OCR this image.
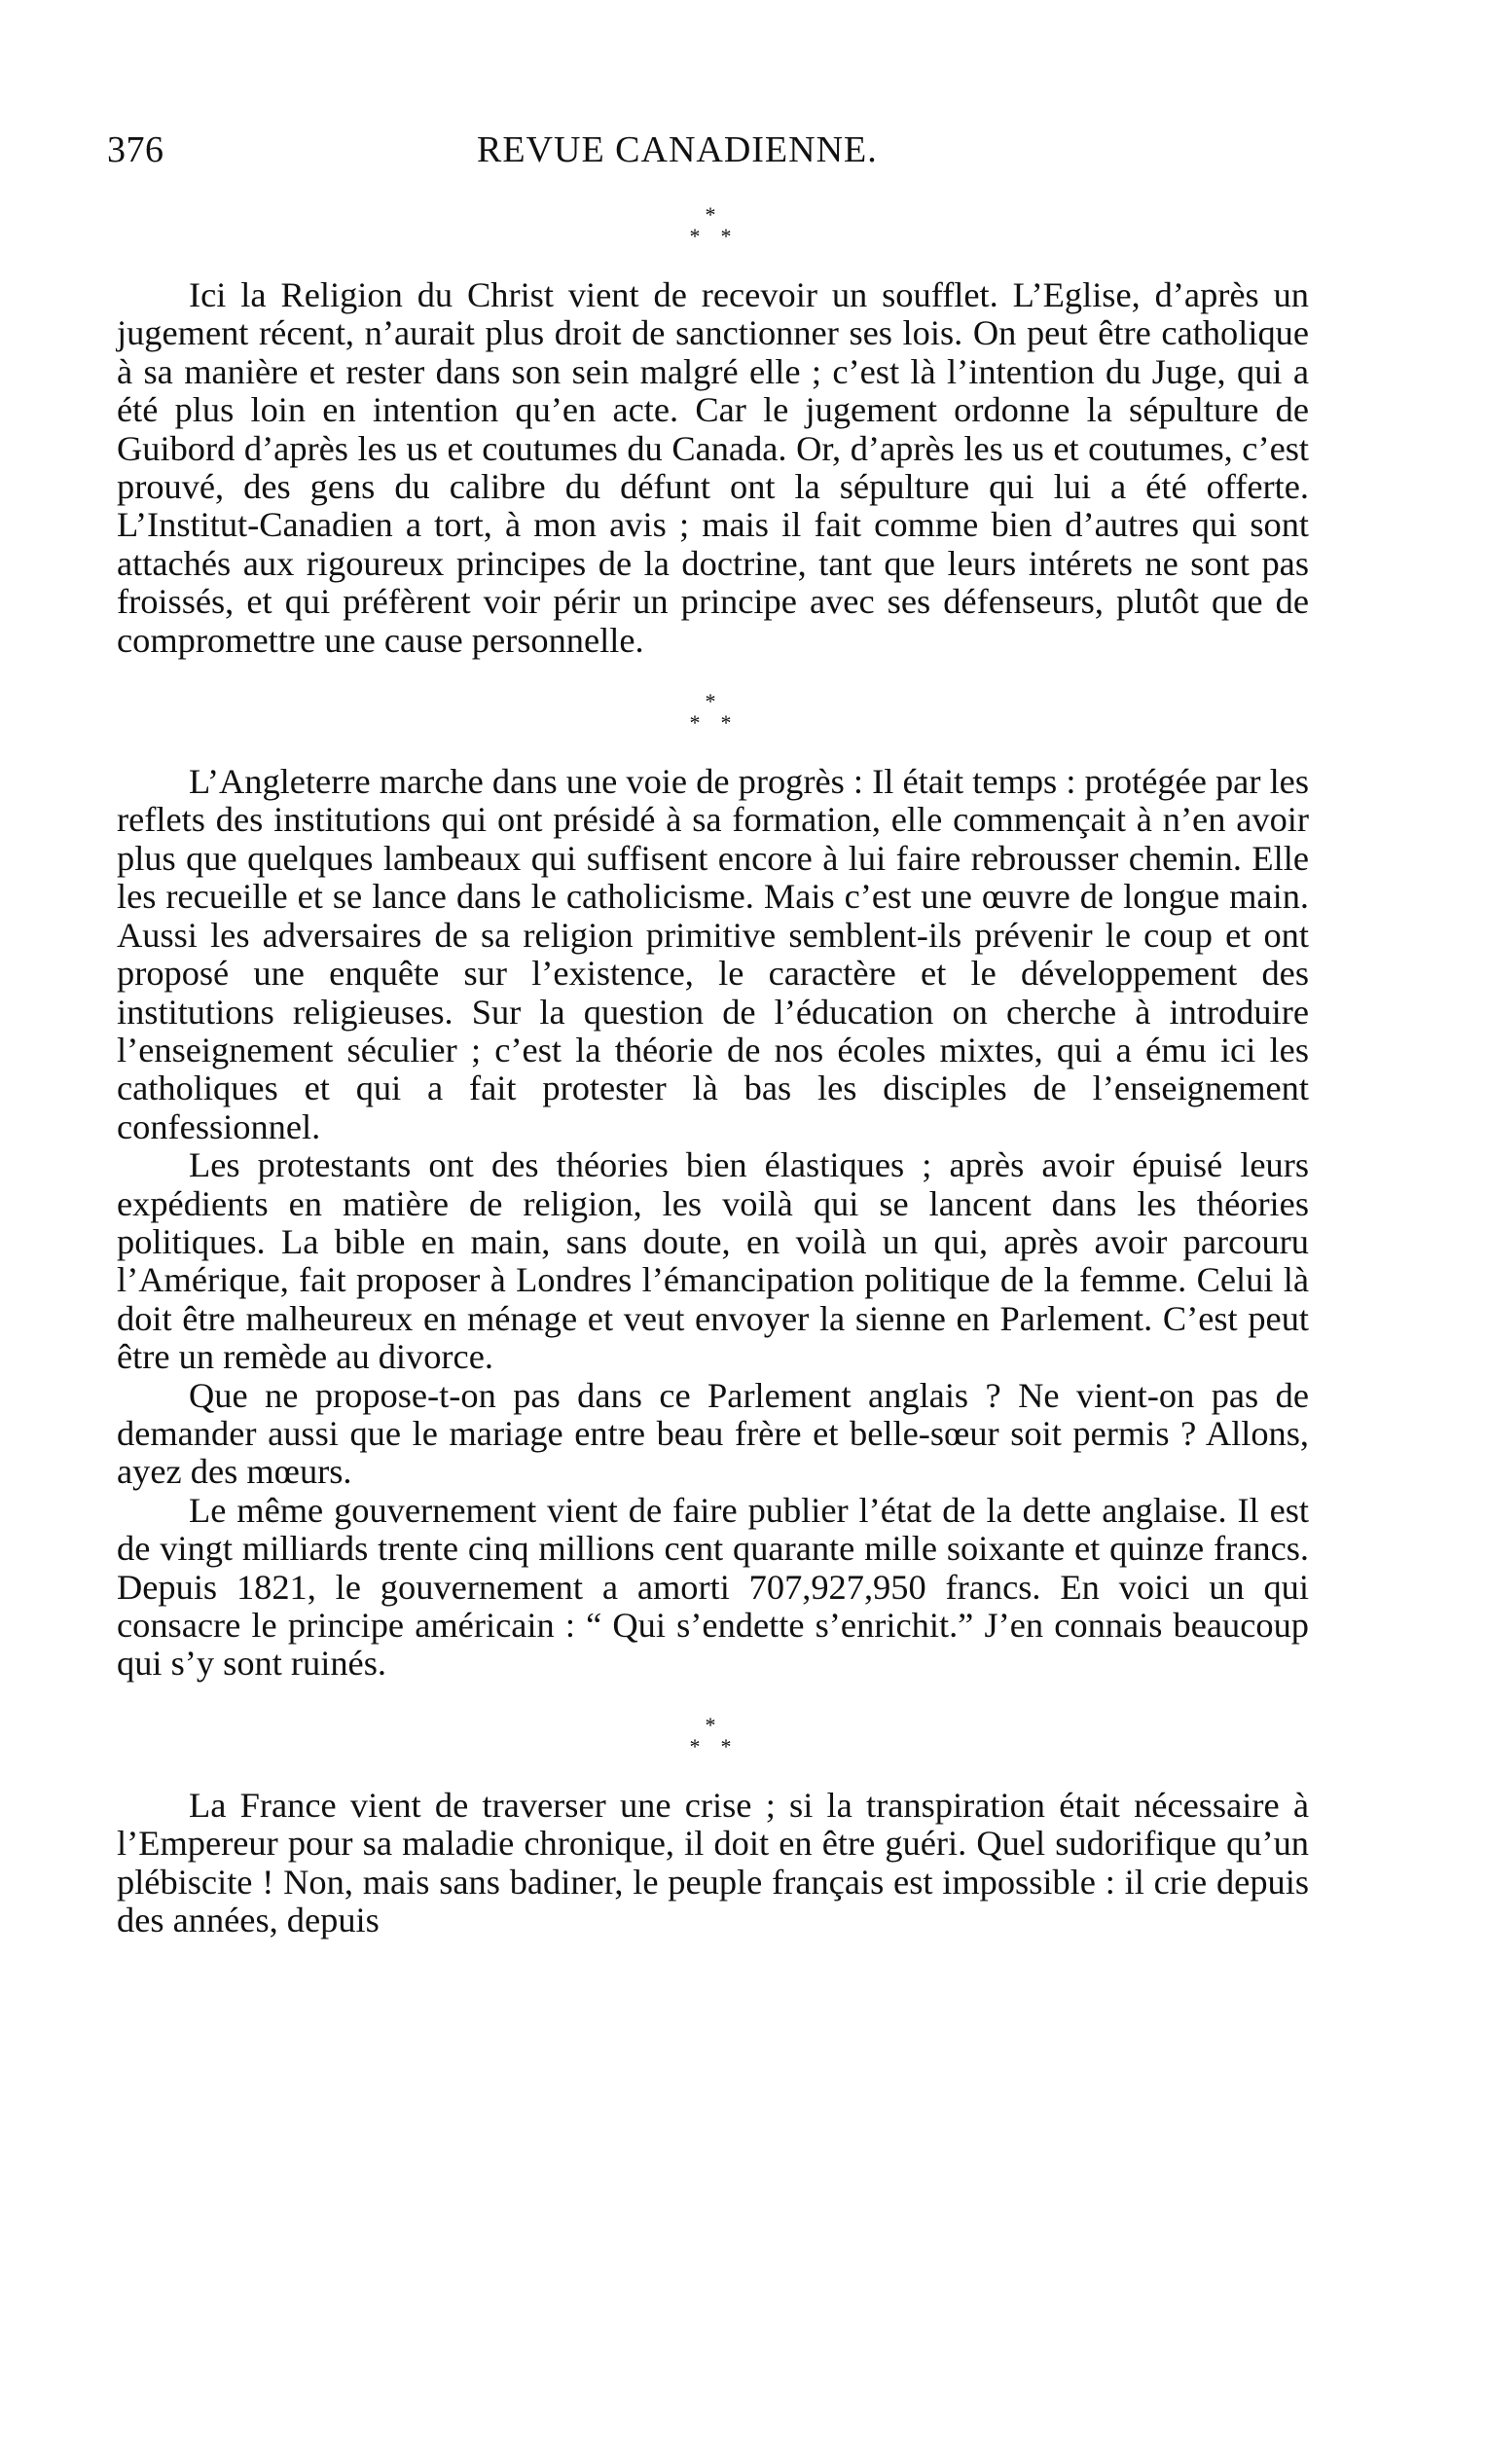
376	REVUE CANADIENNE.
*
* *

Ici la Religion du Christ vient de recevoir un soufflet. L’Eglise, d’après un jugement récent, n’aurait plus droit de sanctionner ses lois. On peut être catholique à sa manière et rester dans son sein malgré elle ; c’est là l’intention du Juge, qui a été plus loin en intention qu’en acte. Car le jugement ordonne la sépulture de Guibord d’après les us et coutumes du Canada. Or, d’après les us et coutumes, c’est prouvé, des gens du calibre du défunt ont la sépulture qui lui a été offerte. L’Institut-Canadien a tort, à mon avis ; mais il fait comme bien d’autres qui sont attachés aux rigoureux principes de la doctrine, tant que leurs intérets ne sont pas froissés, et qui préfèrent voir périr un principe avec ses défenseurs, plutôt que de compromettre une cause personnelle.

*
* *

L’Angleterre marche dans une voie de progrès : Il était temps : protégée par les reflets des institutions qui ont présidé à sa formation, elle commençait à n’en avoir plus que quelques lambeaux qui suffisent encore à lui faire rebrousser chemin. Elle les recueille et se lance dans le catholicisme. Mais c’est une œuvre de longue main. Aussi les adversaires de sa religion primitive semblent-ils prévenir le coup et ont proposé une enquête sur l’existence, le caractère et le développement des institutions religieuses. Sur la question de l’éducation on cherche à introduire l’enseignement séculier ; c’est la théorie de nos écoles mixtes, qui a ému ici les catholiques et qui a fait protester là bas les disciples de l’enseignement confessionnel.

Les protestants ont des théories bien élastiques ; après avoir épuisé leurs expédients en matière de religion, les voilà qui se lancent dans les théories politiques. La bible en main, sans doute, en voilà un qui, après avoir parcouru l’Amérique, fait proposer à Londres l’émancipation politique de la femme. Celui là doit être malheureux en ménage et veut envoyer la sienne en Parlement. C’est peut être un remède au divorce.

Que ne propose-t-on pas dans ce Parlement anglais ? Ne vient-on pas de demander aussi que le mariage entre beau frère et belle-sœur soit permis ? Allons, ayez des mœurs.

Le même gouvernement vient de faire publier l’état de la dette anglaise. Il est de vingt milliards trente cinq millions cent quarante mille soixante et quinze francs. Depuis 1821, le gouvernement a amorti 707,927,950 francs. En voici un qui consacre le principe américain : “ Qui s’endette s’enrichit.” J’en connais beaucoup qui s’y sont ruinés.

*
* *

La France vient de traverser une crise ; si la transpiration était nécessaire à l’Empereur pour sa maladie chronique, il doit en être guéri. Quel sudorifique qu’un plébiscite ! Non, mais sans badiner, le peuple français est impossible : il crie depuis des années, depuis
